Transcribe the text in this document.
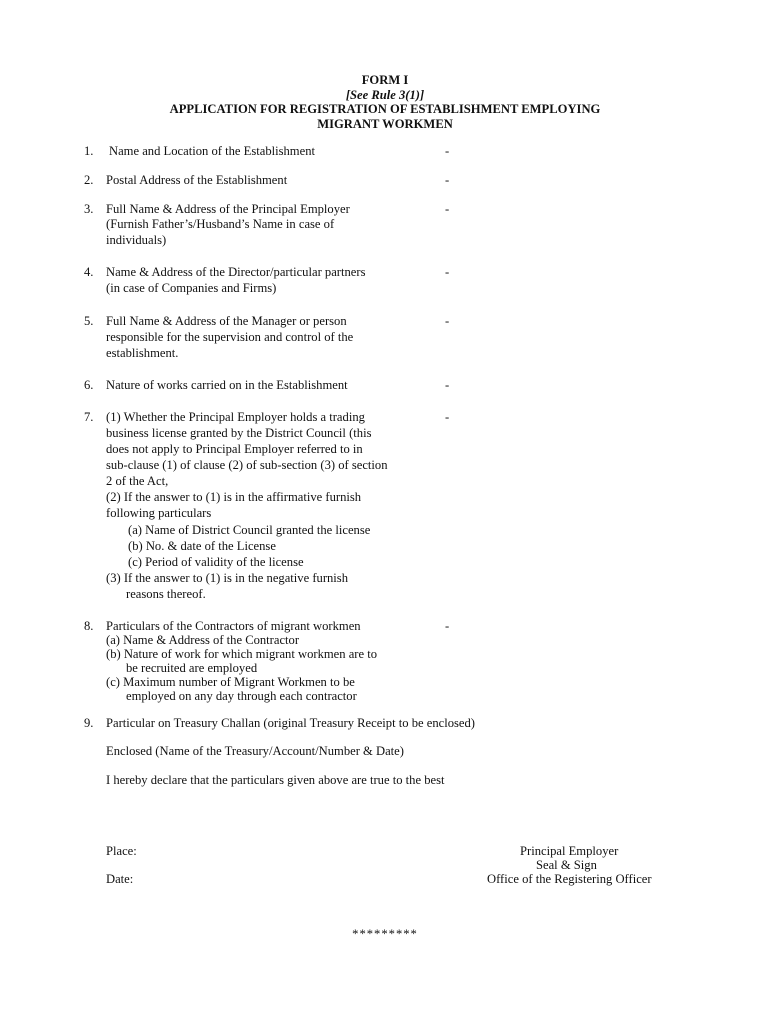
FORM I
[See Rule 3(1)]
APPLICATION FOR REGISTRATION OF ESTABLISHMENT EMPLOYING
MIGRANT WORKMEN
1. Name and Location of the Establishment	-
2. Postal Address of the Establishment	-
3. Full Name & Address of the Principal Employer
(Furnish Father’s/Husband’s Name in case of
individuals)
-
4. Name & Address of the Director/particular partners
(in case of Companies and Firms)
-
5. Full Name & Address of the Manager or person
responsible for the supervision and control of the
establishment.
-
6. Nature of works carried on in the Establishment	-
7. (1) Whether the Principal Employer holds a trading
business license granted by the District Council (this
does not apply to Principal Employer referred to in
sub-clause (1) of clause (2) of sub-section (3) of section
2 of the Act,
(2) If the answer to (1) is in the affirmative furnish
following particulars
(a) Name of District Council granted the license
(b) No. & date of the License
(c) Period of validity of the license
(3) If the answer to (1) is in the negative furnish
reasons thereof.
-
8. Particulars of the Contractors of migrant workmen
(a) Name & Address of the Contractor
(b) Nature of work for which migrant workmen are to
be recruited are employed
(c) Maximum number of Migrant Workmen to be
employed on any day through each contractor
-
9. Particular on Treasury Challan (original Treasury Receipt to be enclosed)
Enclosed (Name of the Treasury/Account/Number & Date)
I hereby declare that the particulars given above are true to the best
Place:
Date:
Principal Employer
Seal & Sign
Office of the Registering Officer
*********
